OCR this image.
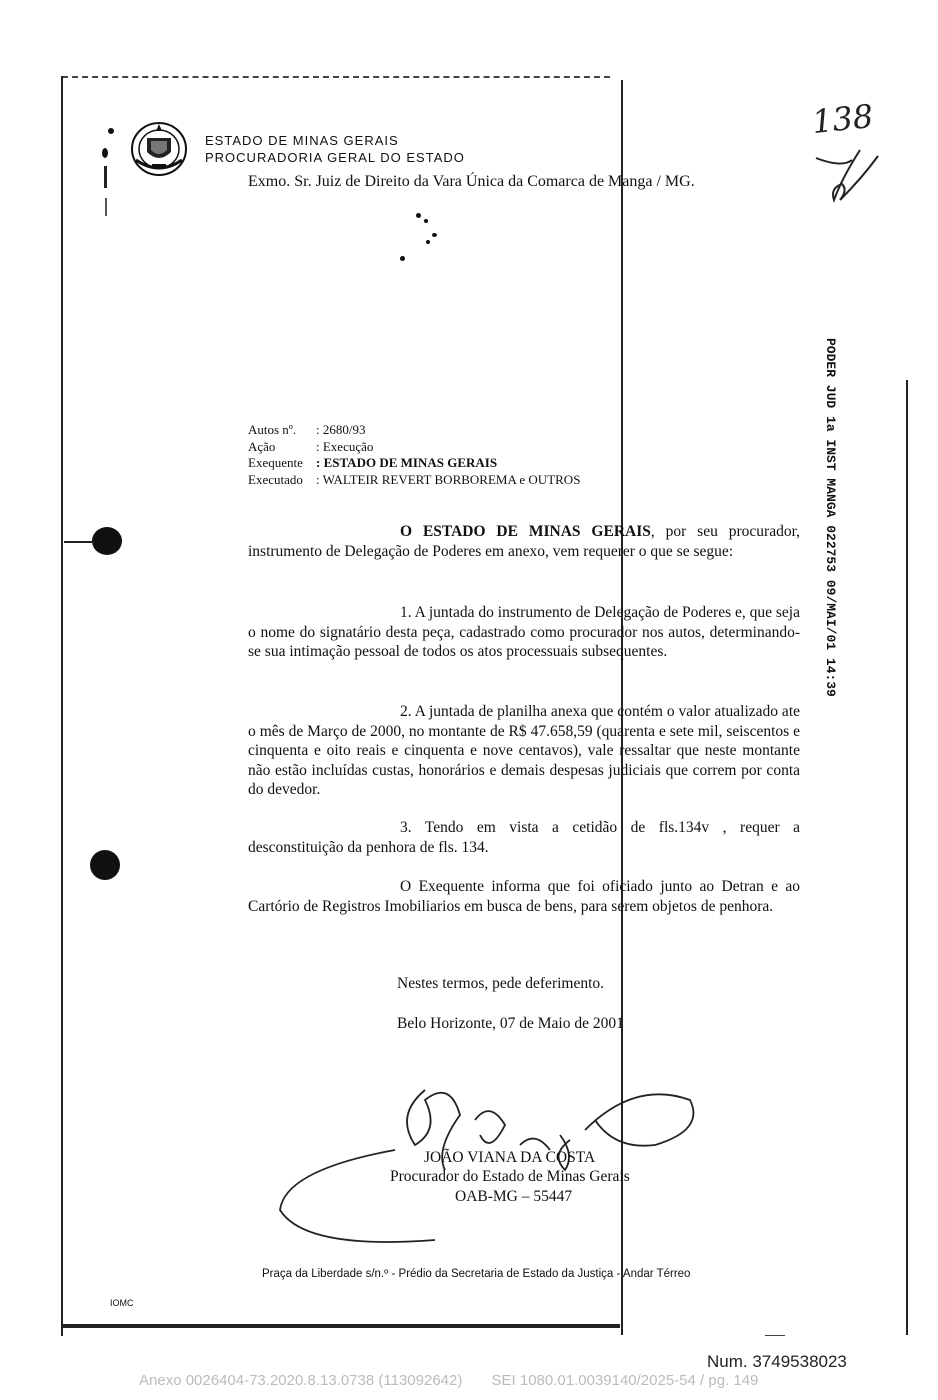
ESTADO DE MINAS GERAIS
PROCURADORIA GERAL DO ESTADO
138
Exmo. Sr. Juiz de Direito da Vara Única da Comarca de Manga / MG.
PODER JUD 1a INST MANGA 022753 09/MAI/01 14:39
Autos nº. : 2680/93
Ação	: Execução
Exequente : ESTADO DE MINAS GERAIS
Executado : WALTEIR REVERT BORBOREMA e OUTROS
O ESTADO DE MINAS GERAIS, por seu procurador, instrumento de Delegação de Poderes em anexo, vem requerer o que se segue:
1. A juntada do instrumento de Delegação de Poderes e, que seja o nome do signatário desta peça, cadastrado como procurador nos autos, determinando-se sua intimação pessoal de todos os atos processuais subsequentes.
2. A juntada de planilha anexa que contém o valor atualizado ate o mês de Março de 2000, no montante de R$ 47.658,59 (quarenta e sete mil, seiscentos e cinquenta e oito reais e cinquenta e nove centavos), vale ressaltar que neste montante não estão incluídas custas, honorários e demais despesas judiciais que correm por conta do devedor.
3. Tendo em vista a cetidão de fls.134v , requer a desconstituição da penhora de fls. 134.
O Exequente informa que foi oficiado junto ao Detran e ao Cartório de Registros Imobiliarios em busca de bens, para serem objetos de penhora.
Nestes termos, pede deferimento.
Belo Horizonte, 07 de Maio de 2001
JOÃO VIANA DA COSTA
Procurador do Estado de Minas Gerais
OAB-MG – 55447
Praça da Liberdade s/n.º - Prédio da Secretaria de Estado da Justiça - Andar Térreo
IOMC
Num. 3749538023
Anexo 0026404-73.2020.8.13.0738 (113092642)       SEI 1080.01.0039140/2025-54 / pg. 149
